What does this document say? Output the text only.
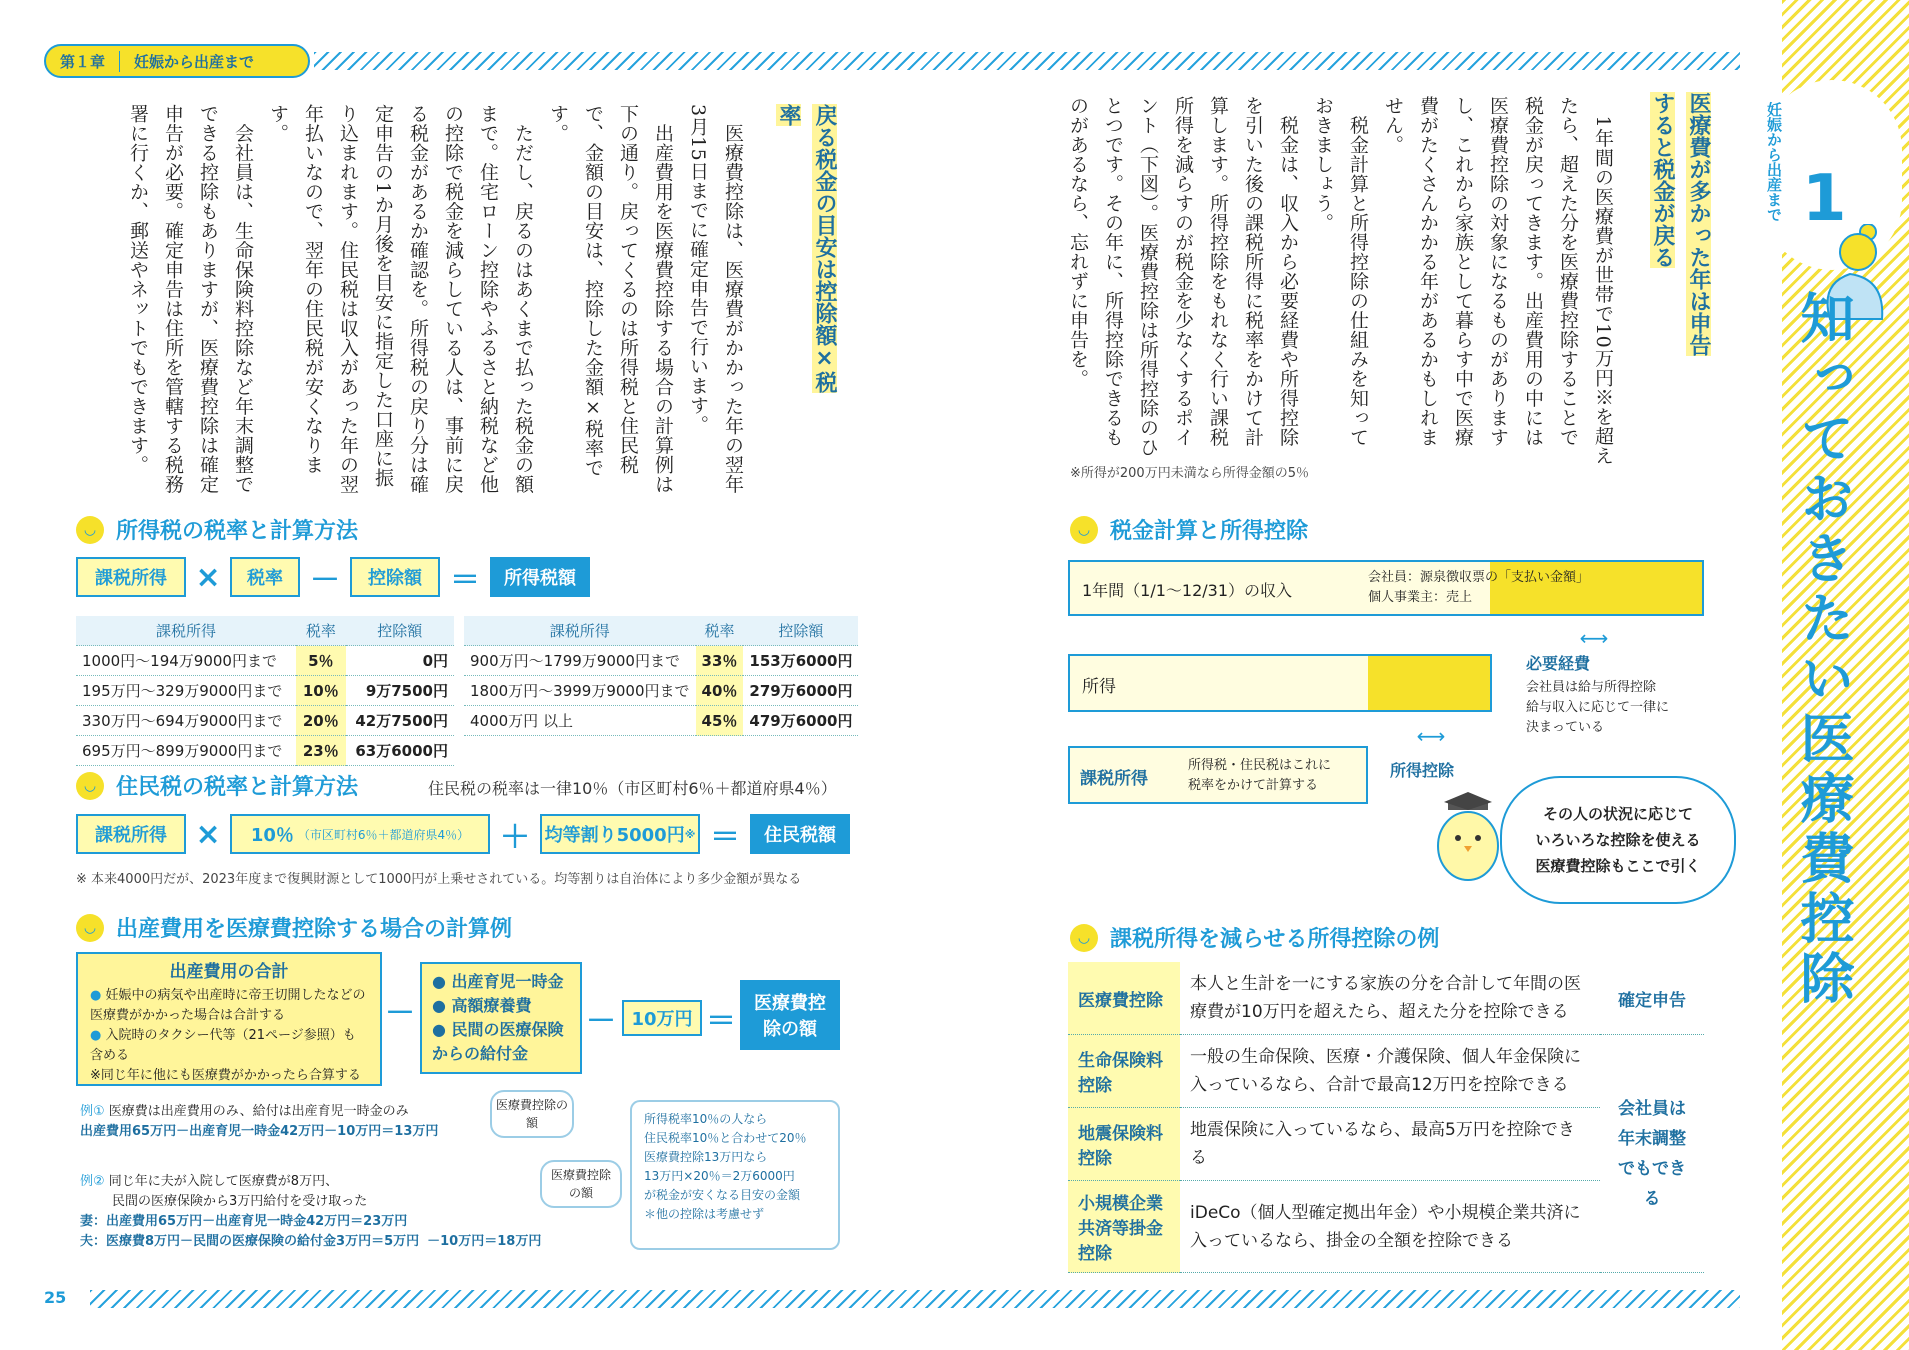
第１章	妊娠から出産まで
25
妊娠から出産まで 1
知っておきたい医療費控除
医療費が多かった年は申告すると税金が戻る
　1年間の医療費が世帯で10万円※を超えたら、超えた分を医療費控除することで税金が戻ってきます。出産費用の中には医療費控除の対象になるものがありますし、これから家族として暮らす中で医療費がたくさんかかる年があるかもしれません。
　税金計算と所得控除の仕組みを知っておきましょう。
　税金は、収入から必要経費や所得控除を引いた後の課税所得に税率をかけて計算します。所得控除をもれなく行い課税所得を減らすのが税金を少なくするポイント（下図）。医療費控除は所得控除のひとつです。その年に、所得控除できるものがあるなら、忘れずに申告を。
※所得が200万円未満なら所得金額の5％
戻る税金の目安は控除額×税率
　医療費控除は、医療費がかかった年の翌年3月15日までに確定申告で行います。
　出産費用を医療費控除する場合の計算例は下の通り。戻ってくるのは所得税と住民税で、金額の目安は、控除した金額×税率です。
　ただし、戻るのはあくまで払った税金の額まで。住宅ローン控除やふるさと納税など他の控除で税金を減らしている人は、事前に戻る税金があるか確認を。所得税の戻り分は確定申告の1か月後を目安に指定した口座に振り込まれます。住民税は収入があった年の翌年払いなので、翌年の住民税が安くなります。
　会社員は、生命保険料控除など年末調整でできる控除もありますが、医療費控除は確定申告が必要。確定申告は住所を管轄する税務署に行くか、郵送やネットでもできます。
◡ 所得税の税率と計算方法
課税所得 ×	税率 －	控除額 ＝	所得税額
課税所得	税率	控除額
1000円～194万9000円まで	5％	0円
195万円～329万9000円まで	10％	9万7500円
330万円～694万9000円まで	20％	42万7500円
695万円～899万9000円まで	23％	63万6000円
課税所得	税率	控除額
900万円～1799万9000円まで	33％	153万6000円
1800万円～3999万9000円まで	40％	279万6000円
4000万円 以上	45％	479万6000円
◡ 住民税の税率と計算方法	住民税の税率は一律10％（市区町村6％＋都道府県4％）
課税所得 × 10％ （市区町村6％＋都道府県4％） ＋ 均等割り5000円 ※ ＝	住民税額
※ 本来4000円だが、2023年度まで復興財源として1000円が上乗せされている。均等割りは自治体により多少金額が異なる
◡ 出産費用を医療費控除する場合の計算例
出産費用の合計
● 妊娠中の病気や出産時に帝王切開したなどの医療費がかかった場合は合計する
● 入院時のタクシー代等（21ページ参照）も含める
※同じ年に他にも医療費がかかったら合算する
－
● 出産育児一時金
● 高額療養費
● 民間の医療保険からの給付金
－ 10万円 ＝
医療費控除の額
例① 医療費は出産費用のみ、給付は出産育児一時金のみ
出産費用65万円－出産育児一時金42万円－10万円＝13万円
医療費控除の額
例② 同じ年に夫が入院して医療費が8万円、
民間の医療保険から3万円給付を受け取った
妻：出産費用65万円－出産育児一時金42万円＝23万円
夫：医療費8万円－民間の医療保険の給付金3万円＝5万円 －10万円＝18万円
医療費控除の額
所得税率10％の人なら
住民税率10％と合わせて20％
医療費控除13万円なら
13万円×20％＝2万6000円
が税金が安くなる目安の金額
＊他の控除は考慮せず
◡ 税金計算と所得控除
1年間（1/1～12/31）の収入
会社員：源泉徴収票の「支払い金額」
個人事業主：売上
⟷
必要経費
会社員は給与所得控除
給与収入に応じて一律に
決まっている
所得
⟷
所得控除
課税所得
所得税・住民税はこれに
税率をかけて計算する
その人の状況に応じて
いろいろな控除を使える
医療費控除もここで引く
◡ 課税所得を減らせる所得控除の例
医療費控除	本人と生計を一にする家族の分を合計して年間の医療費が10万円を超えたら、超えた分を控除できる	確定申告
生命保険料控除	一般の生命保険、医療・介護保険、個人年金保険に入っているなら、合計で最高12万円を控除できる	会社員は年末調整でもできる
地震保険料控除	地震保険に入っているなら、最高5万円を控除できる	
小規模企業共済等掛金控除	iDeCo（個人型確定拠出年金）や小規模企業共済に入っているなら、掛金の全額を控除できる	
